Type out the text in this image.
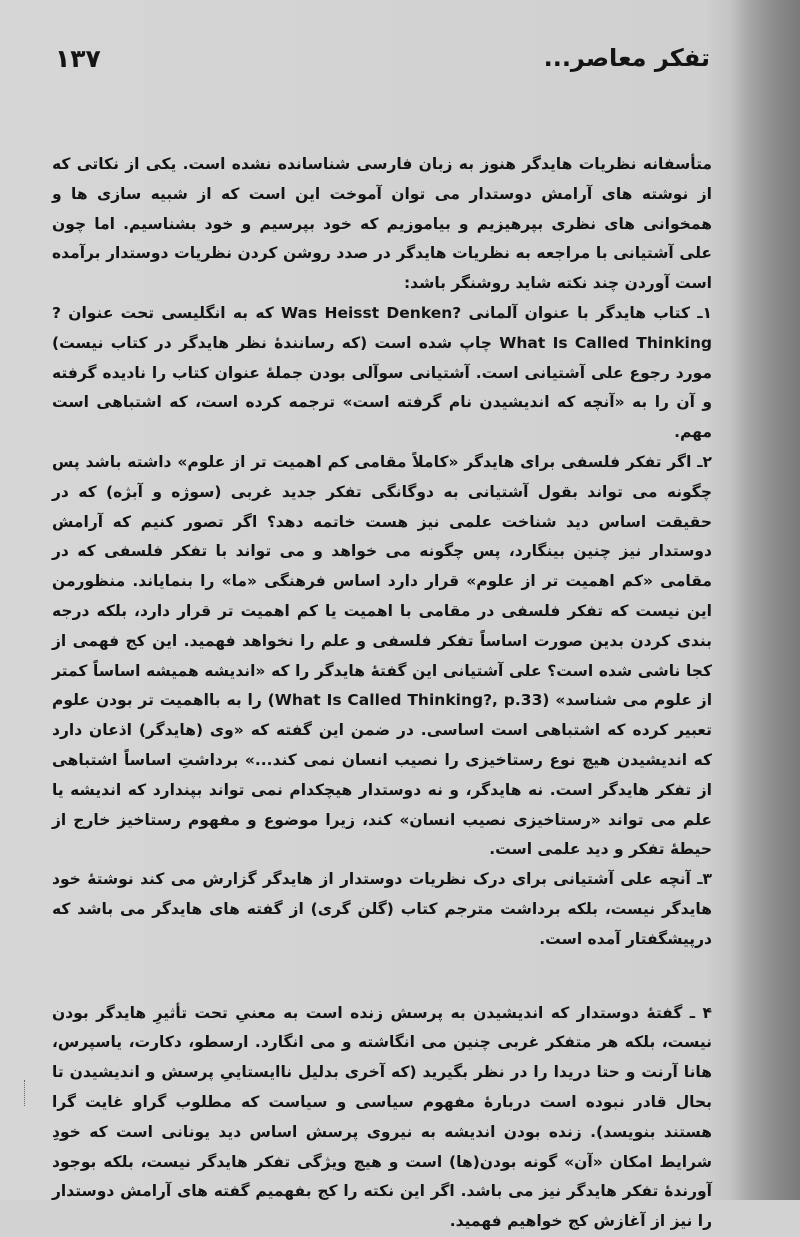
۱۳۷	تفکر معاصر...

متأسفانه نظریات هایدگر هنوز به زبان فارسی شناسانده نشده است. یکی از نکاتی که از نوشته های آرامش دوستدار می توان آموخت این است که از شبیه سازی ها و همخوانی های نظری بپرهیزیم و بیاموزیم که خود بپرسیم و خود بشناسیم. اما چون علی آشتیانی با مراجعه به نظریات هایدگر در صدد روشن کردن نظریات دوستدار برآمده است آوردن چند نکته شاید روشنگر باشد:

۱ـ کتاب هایدگر با عنوان آلمانی ?Was Heisst Denken که به انگلیسی تحت عنوان ?What Is Called Thinking چاپ شده است (که رسانندهٔ نظر هایدگر در کتاب نیست) مورد رجوع علی آشتیانی است. آشتیانی سوآلی بودن جملهٔ عنوان کتاب را نادیده گرفته و آن را به «آنچه که اندیشیدن نام گرفته است» ترجمه کرده است، که اشتباهی است مهم.

۲ـ اگر تفکر فلسفی برای هایدگر «کاملاً مقامی کم اهمیت تر از علوم» داشته باشد پس چگونه می تواند بقول آشتیانی به دوگانگی تفکر جدید غربی (سوژه و آبژه) که در حقیقت اساس دید شناخت علمی نیز هست خاتمه دهد؟ اگر تصور کنیم که آرامش دوستدار نیز چنین بینگارد، پس چگونه می خواهد و می تواند با تفکر فلسفی که در مقامی «کم اهمیت تر از علوم» قرار دارد اساس فرهنگی «ما» را بنمایاند. منظورمن این نیست که تفکر فلسفی در مقامی با اهمیت یا کم اهمیت تر قرار دارد، بلکه درجه بندی کردن بدین صورت اساساً تفکر فلسفی و علم را نخواهد فهمید. این کج فهمی از کجا ناشی شده است؟ علی آشتیانی این گفتهٔ هایدگر را که «اندیشه همیشه اساساً کمتر از علوم می شناسد» (What Is Called Thinking?, p.33) را به بااهمیت تر بودن علوم تعبیر کرده که اشتباهی است اساسی. در ضمن این گفته که «وی (هایدگر) اذعان دارد که اندیشیدن هیچ نوع رستاخیزی را نصیب انسان نمی کند...» برداشتِ اساساً اشتباهی از تفکر هایدگر است. نه هایدگر، و نه دوستدار هیچکدام نمی تواند بپندارد که اندیشه یا علم می تواند «رستاخیزی نصیب انسان» کند، زیرا موضوع و مفهوم رستاخیز خارج از حیطهٔ تفکر و دید علمی است.

۳ـ آنچه علی آشتیانی برای درک نظریات دوستدار از هایدگر گزارش می کند نوشتهٔ خود هایدگر نیست، بلکه برداشت مترجم کتاب (گلن گری) از گفته های هایدگر می باشد که درپیشگفتار آمده است.

۴ ـ گفتهٔ دوستدار که اندیشیدن به پرسش زنده است به معنیِ تحت تأثیرِ هایدگر بودن نیست، بلکه هر متفکر غربی چنین می انگاشته و می انگارد. ارسطو، دکارت، یاسپرس، هانا آرنت و حتا دریدا را در نظر بگیرید (که آخری بدلیل ناایستاییِ پرسش و اندیشیدن تا بحال قادر نبوده است دربارهٔ مفهوم سیاسی و سیاست که مطلوب گراو غایت گرا هستند بنویسد). زنده بودن اندیشه به نیروی پرسش اساس دید یونانی است که خودِ شرایط امکان «آن» گونه بودن(ها) است و هیچ ویژگی تفکر هایدگر نیست، بلکه بوجود آورندهٔ تفکر هایدگر نیز می باشد. اگر این نکته را کج بفهمیم گفته های آرامش دوستدار را نیز از آغازش کج خواهیم فهمید.
